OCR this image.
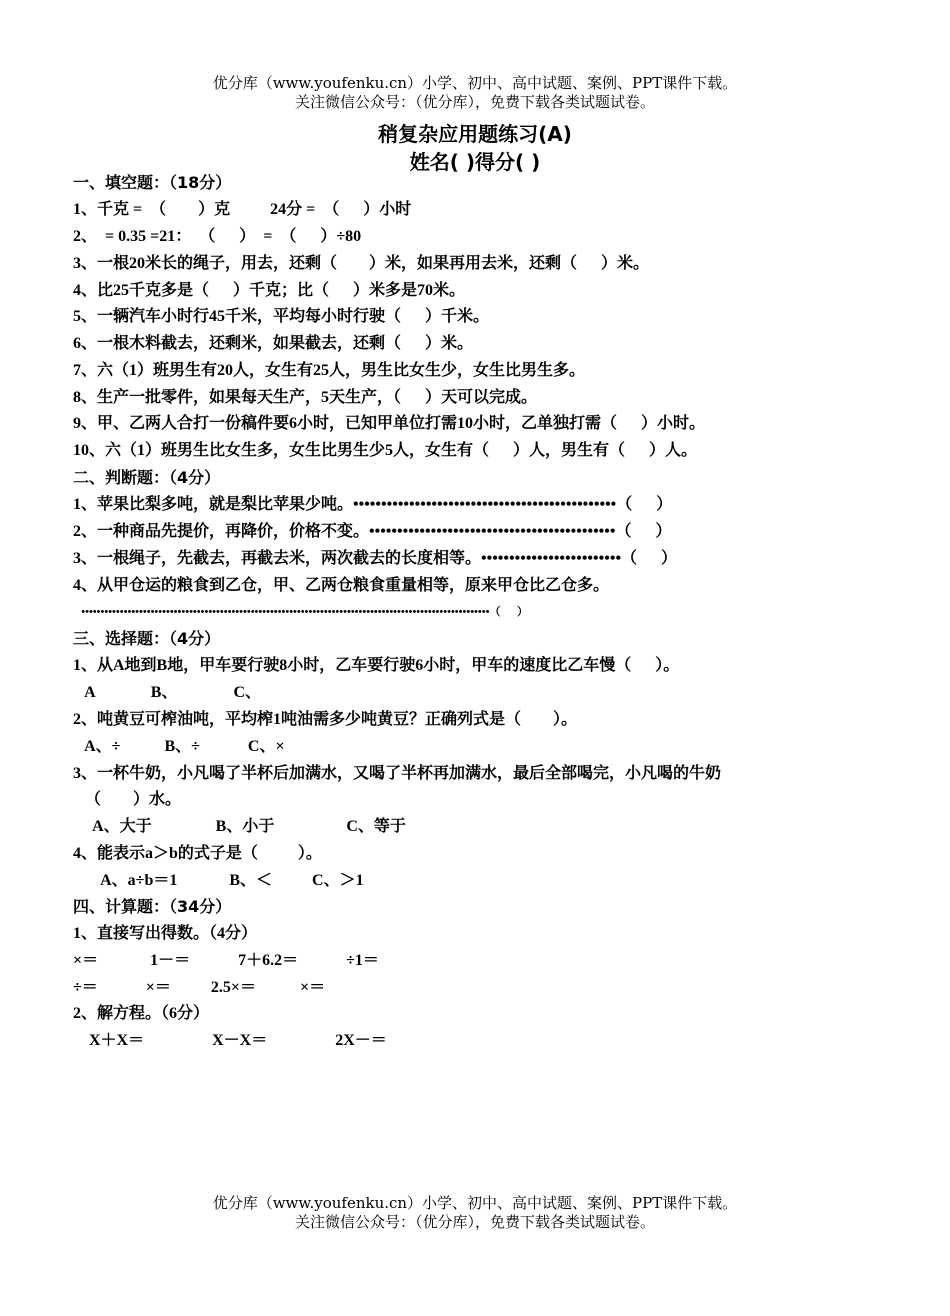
优分库（www.youfenku.cn）小学、初中、高中试题、案例、PPT课件下载。
关注微信公众号：（优分库），免费下载各类试题试卷。
稍复杂应用题练习(A)
姓名( )得分( )
一、填空题：（18分）
1、千克 =  （        ）克          24分 =  （      ）小时
2、  = 0.35 =21：  （      ）  =  （      ）÷80
3、一根20米长的绳子，用去，还剩（        ）米，如果再用去米，还剩（      ）米。
4、比25千克多是（      ）千克；比（      ）米多是70米。
5、一辆汽车小时行45千米，平均每小时行驶（      ）千米。
6、一根木料截去，还剩米，如果截去，还剩（      ）米。
7、六（1）班男生有20人，女生有25人，男生比女生少，女生比男生多。
8、生产一批零件，如果每天生产，5天生产，（      ）天可以完成。
9、甲、乙两人合打一份稿件要6小时，已知甲单位打需10小时，乙单独打需（      ）小时。
10、六（1）班男生比女生多，女生比男生少5人，女生有（      ）人，男生有（      ）人。
二、判断题：（4分）
1、苹果比梨多吨，就是梨比苹果少吨。•••••••••••••••••••••••••••••••••••••••••••••••（      ）
2、一种商品先提价，再降价，价格不变。••••••••••••••••••••••••••••••••••••••••••••（      ）
3、一根绳子，先截去，再截去米，两次截去的长度相等。•••••••••••••••••••••••••（      ）
4、从甲仓运的粮食到乙仓，甲、乙两仓粮食重量相等，原来甲仓比乙仓多。
••••••••••••••••••••••••••••••••••••••••••••••••••••••••••••••••••••••••••••••••••••••••••••••••••••••••••（      ）
三、选择题：（4分）
1、从A地到B地，甲车要行驶8小时，乙车要行驶6小时，甲车的速度比乙车慢（      ）。
A              B、              C、
2、吨黄豆可榨油吨，平均榨1吨油需多少吨黄豆？正确列式是（        ）。
A、÷           B、÷            C、×
3、一杯牛奶，小凡喝了半杯后加满水，又喝了半杯再加满水，最后全部喝完，小凡喝的牛奶
（        ）水。
A、大于                B、小于                  C、等于
4、能表示a＞b的式子是（          ）。
A、a÷b＝1             B、＜          C、＞1
四、计算题：（34分）
1、直接写出得数。（4分）
×＝             1－＝            7＋6.2＝            ÷1＝
÷＝            ×＝          2.5×＝           ×＝
2、解方程。（6分）
X＋X＝                 X－X＝                 2X－＝
优分库（www.youfenku.cn）小学、初中、高中试题、案例、PPT课件下载。
关注微信公众号：（优分库），免费下载各类试题试卷。
